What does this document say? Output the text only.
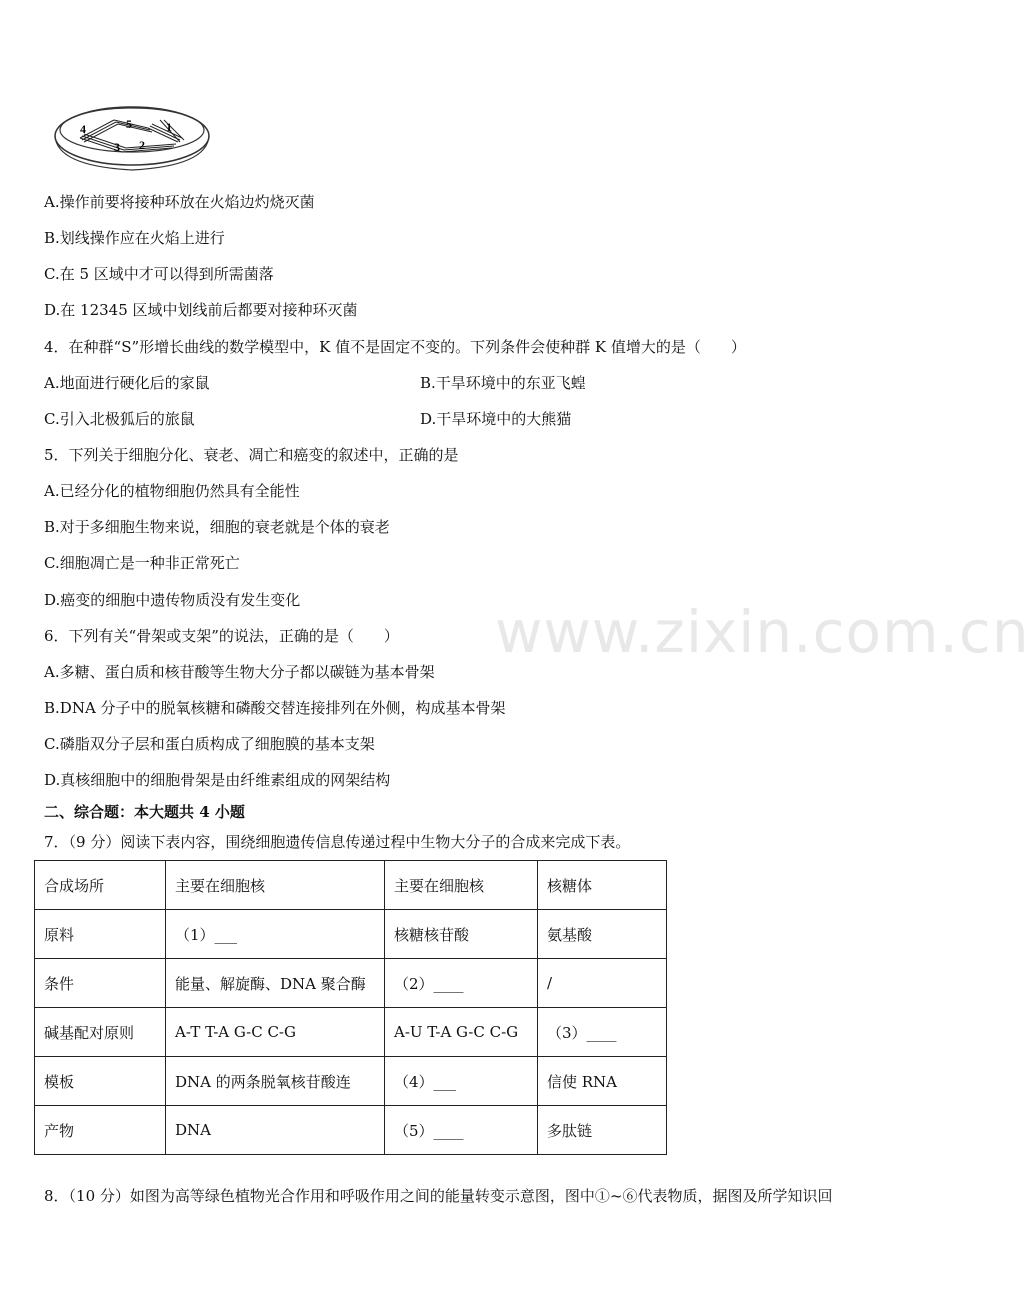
4	5	1
3 2
A.操作前要将接种环放在火焰边灼烧灭菌
B.划线操作应在火焰上进行
C.在 5 区域中才可以得到所需菌落
D.在 12345 区域中划线前后都要对接种环灭菌
4．在种群“S”形增长曲线的数学模型中，K 值不是固定不变的。下列条件会使种群 K 值增大的是（　　）
A.地面进行硬化后的家鼠	B.干旱环境中的东亚飞蝗
C.引入北极狐后的旅鼠	D.干旱环境中的大熊猫
5．下列关于细胞分化、衰老、凋亡和癌变的叙述中，正确的是
A.已经分化的植物细胞仍然具有全能性
B.对于多细胞生物来说，细胞的衰老就是个体的衰老
C.细胞凋亡是一种非正常死亡
D.癌变的细胞中遗传物质没有发生变化	www.zixin.com.cn
6．下列有关“骨架或支架”的说法，正确的是（　　）
A.多糖、蛋白质和核苷酸等生物大分子都以碳链为基本骨架
B.DNA 分子中的脱氧核糖和磷酸交替连接排列在外侧，构成基本骨架
C.磷脂双分子层和蛋白质构成了细胞膜的基本支架
D.真核细胞中的细胞骨架是由纤维素组成的网架结构
二、综合题：本大题共 4 小题
7．（9 分）阅读下表内容，围绕细胞遗传信息传递过程中生物大分子的合成来完成下表。
合成场所	主要在细胞核	主要在细胞核	核糖体
原料	（1）___	核糖核苷酸	氨基酸
条件	能量、解旋酶、DNA 聚合酶	（2）____	/
碱基配对原则	A-T T-A G-C C-G	A-U T-A G-C C-G	（3）____
模板	DNA 的两条脱氧核苷酸连	（4）___	信使 RNA
产物	DNA	（5）____	多肽链
8．（10 分）如图为高等绿色植物光合作用和呼吸作用之间的能量转变示意图，图中①~⑥代表物质，据图及所学知识回
